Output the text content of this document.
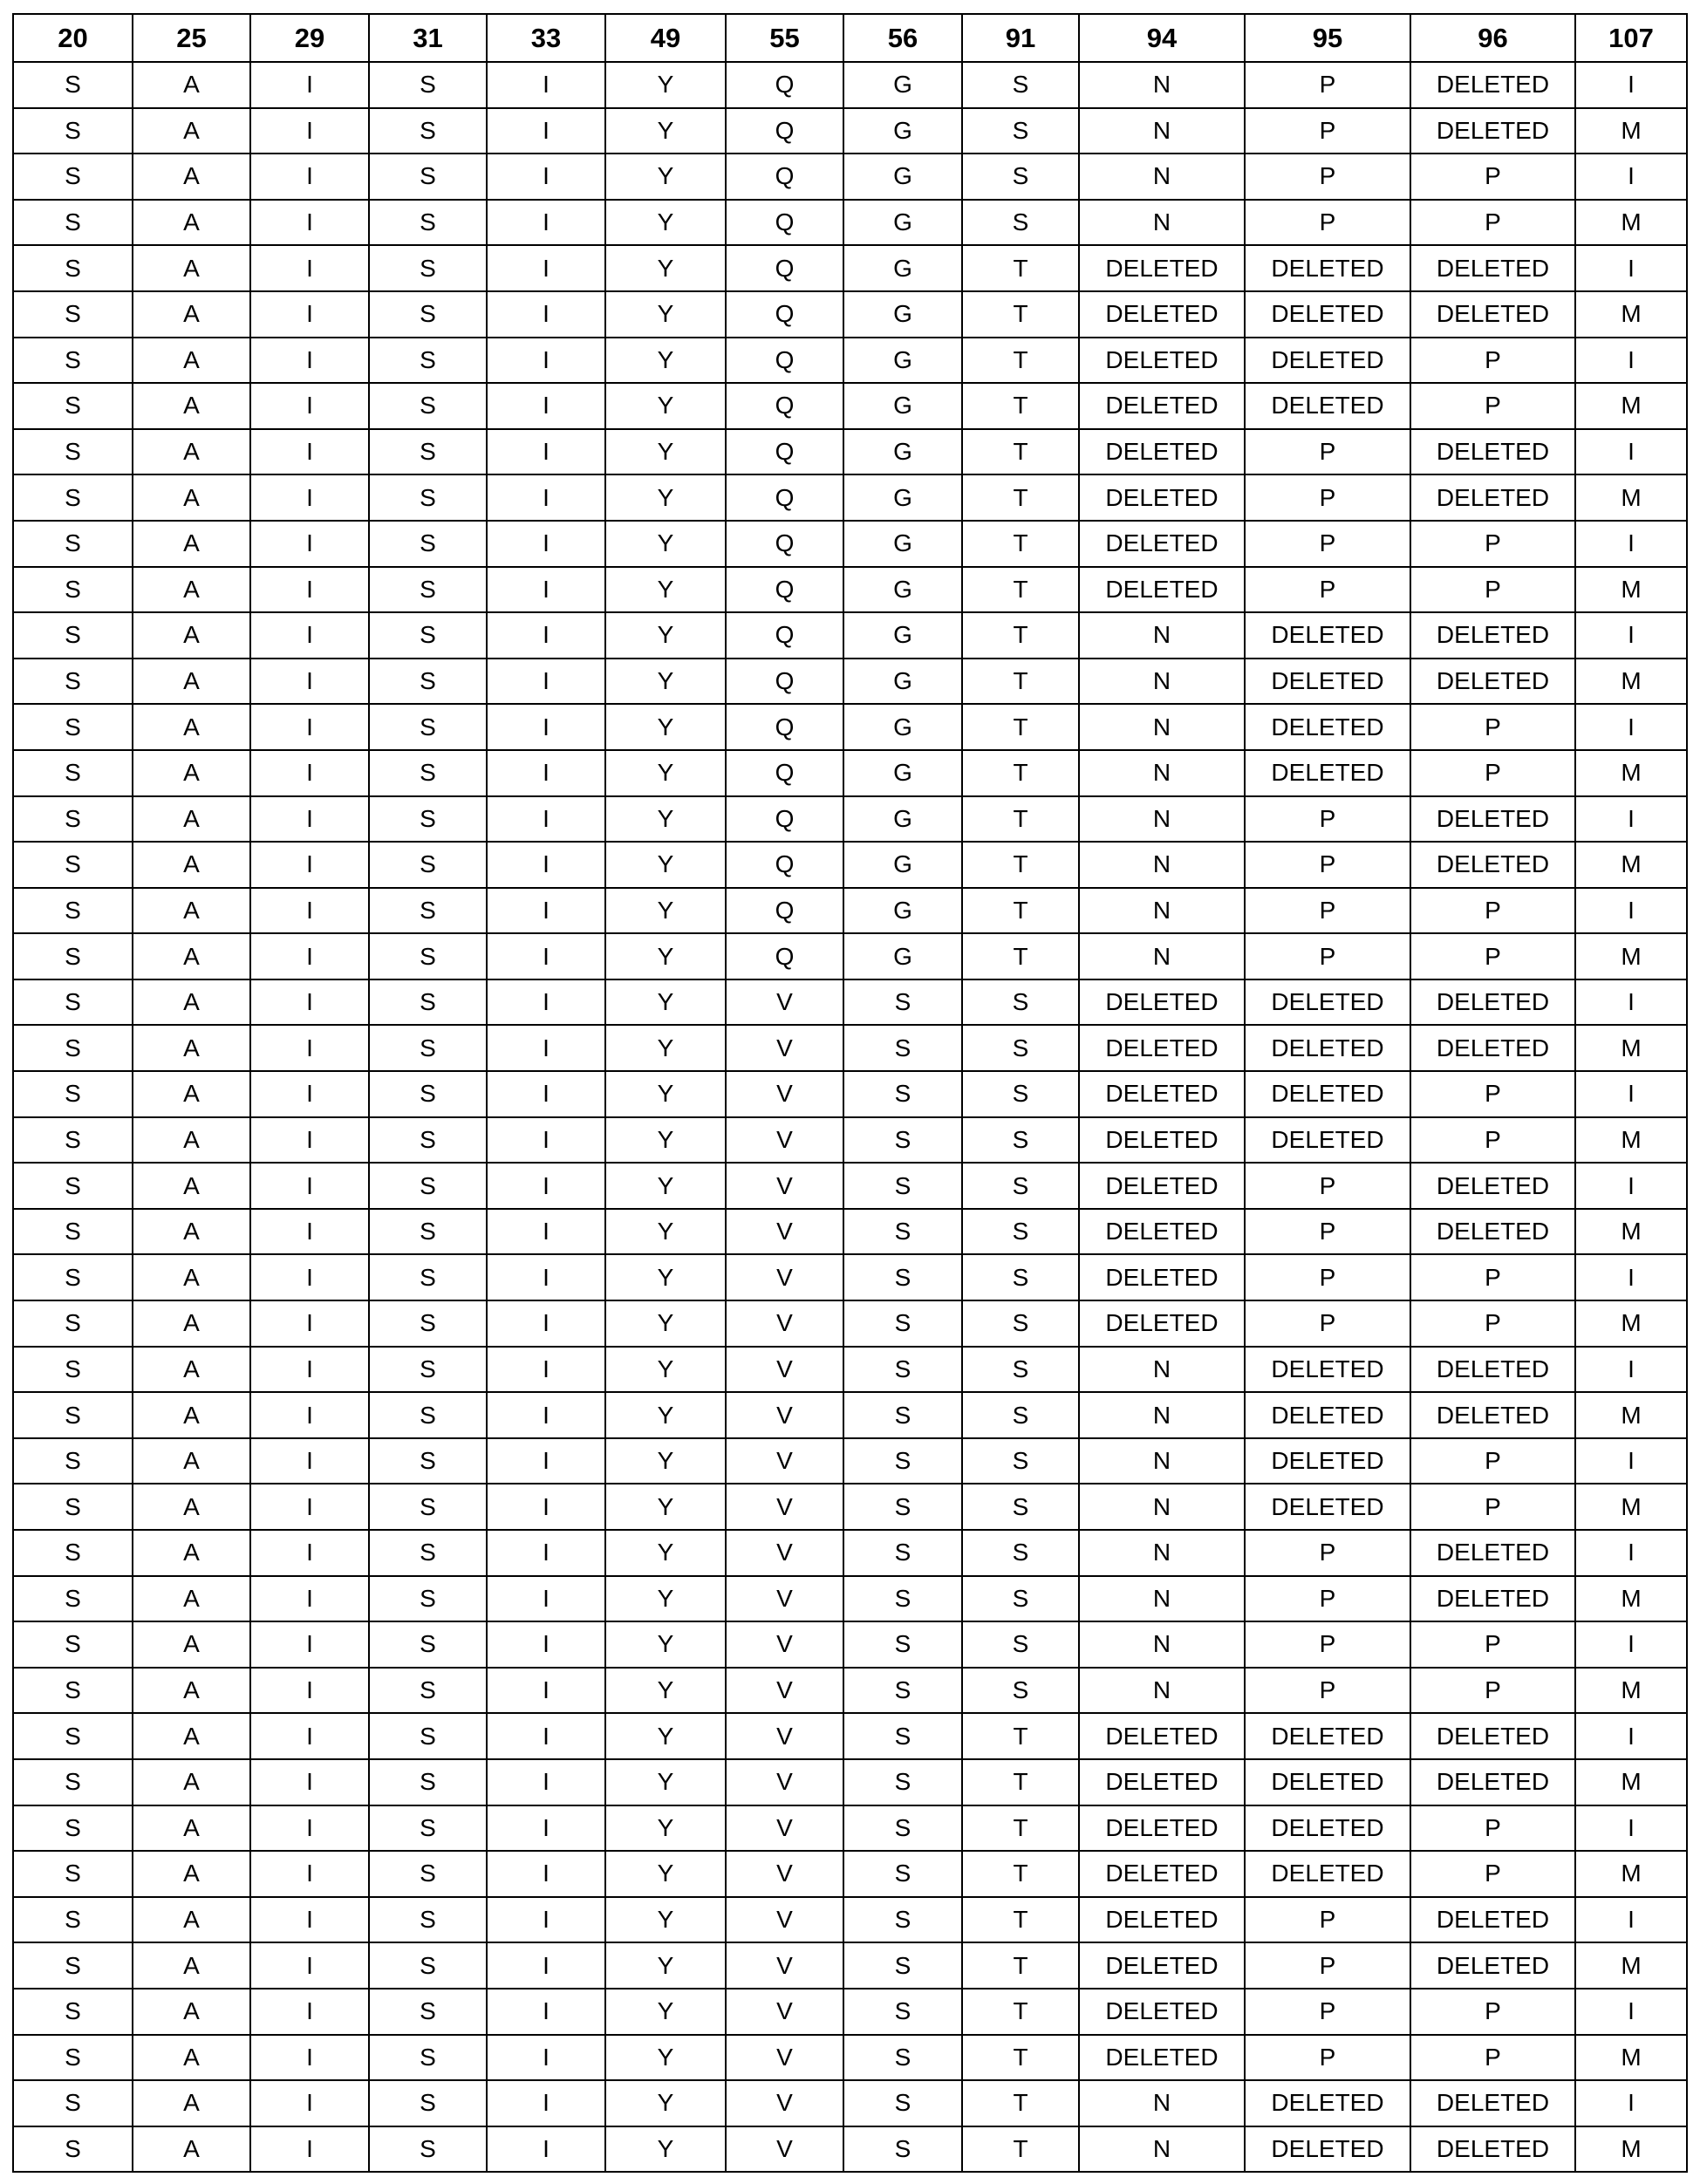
20	25	29	31	33	49	55	56	91	94	95	96	107
S	A	I	S	I	Y	Q	G	S	N	P	DELETED	I
S	A	I	S	I	Y	Q	G	S	N	P	DELETED	M
S	A	I	S	I	Y	Q	G	S	N	P	P	I
S	A	I	S	I	Y	Q	G	S	N	P	P	M
S	A	I	S	I	Y	Q	G	T	DELETED	DELETED	DELETED	I
S	A	I	S	I	Y	Q	G	T	DELETED	DELETED	DELETED	M
S	A	I	S	I	Y	Q	G	T	DELETED	DELETED	P	I
S	A	I	S	I	Y	Q	G	T	DELETED	DELETED	P	M
S	A	I	S	I	Y	Q	G	T	DELETED	P	DELETED	I
S	A	I	S	I	Y	Q	G	T	DELETED	P	DELETED	M
S	A	I	S	I	Y	Q	G	T	DELETED	P	P	I
S	A	I	S	I	Y	Q	G	T	DELETED	P	P	M
S	A	I	S	I	Y	Q	G	T	N	DELETED	DELETED	I
S	A	I	S	I	Y	Q	G	T	N	DELETED	DELETED	M
S	A	I	S	I	Y	Q	G	T	N	DELETED	P	I
S	A	I	S	I	Y	Q	G	T	N	DELETED	P	M
S	A	I	S	I	Y	Q	G	T	N	P	DELETED	I
S	A	I	S	I	Y	Q	G	T	N	P	DELETED	M
S	A	I	S	I	Y	Q	G	T	N	P	P	I
S	A	I	S	I	Y	Q	G	T	N	P	P	M
S	A	I	S	I	Y	V	S	S	DELETED	DELETED	DELETED	I
S	A	I	S	I	Y	V	S	S	DELETED	DELETED	DELETED	M
S	A	I	S	I	Y	V	S	S	DELETED	DELETED	P	I
S	A	I	S	I	Y	V	S	S	DELETED	DELETED	P	M
S	A	I	S	I	Y	V	S	S	DELETED	P	DELETED	I
S	A	I	S	I	Y	V	S	S	DELETED	P	DELETED	M
S	A	I	S	I	Y	V	S	S	DELETED	P	P	I
S	A	I	S	I	Y	V	S	S	DELETED	P	P	M
S	A	I	S	I	Y	V	S	S	N	DELETED	DELETED	I
S	A	I	S	I	Y	V	S	S	N	DELETED	DELETED	M
S	A	I	S	I	Y	V	S	S	N	DELETED	P	I
S	A	I	S	I	Y	V	S	S	N	DELETED	P	M
S	A	I	S	I	Y	V	S	S	N	P	DELETED	I
S	A	I	S	I	Y	V	S	S	N	P	DELETED	M
S	A	I	S	I	Y	V	S	S	N	P	P	I
S	A	I	S	I	Y	V	S	S	N	P	P	M
S	A	I	S	I	Y	V	S	T	DELETED	DELETED	DELETED	I
S	A	I	S	I	Y	V	S	T	DELETED	DELETED	DELETED	M
S	A	I	S	I	Y	V	S	T	DELETED	DELETED	P	I
S	A	I	S	I	Y	V	S	T	DELETED	DELETED	P	M
S	A	I	S	I	Y	V	S	T	DELETED	P	DELETED	I
S	A	I	S	I	Y	V	S	T	DELETED	P	DELETED	M
S	A	I	S	I	Y	V	S	T	DELETED	P	P	I
S	A	I	S	I	Y	V	S	T	DELETED	P	P	M
S	A	I	S	I	Y	V	S	T	N	DELETED	DELETED	I
S	A	I	S	I	Y	V	S	T	N	DELETED	DELETED	M
